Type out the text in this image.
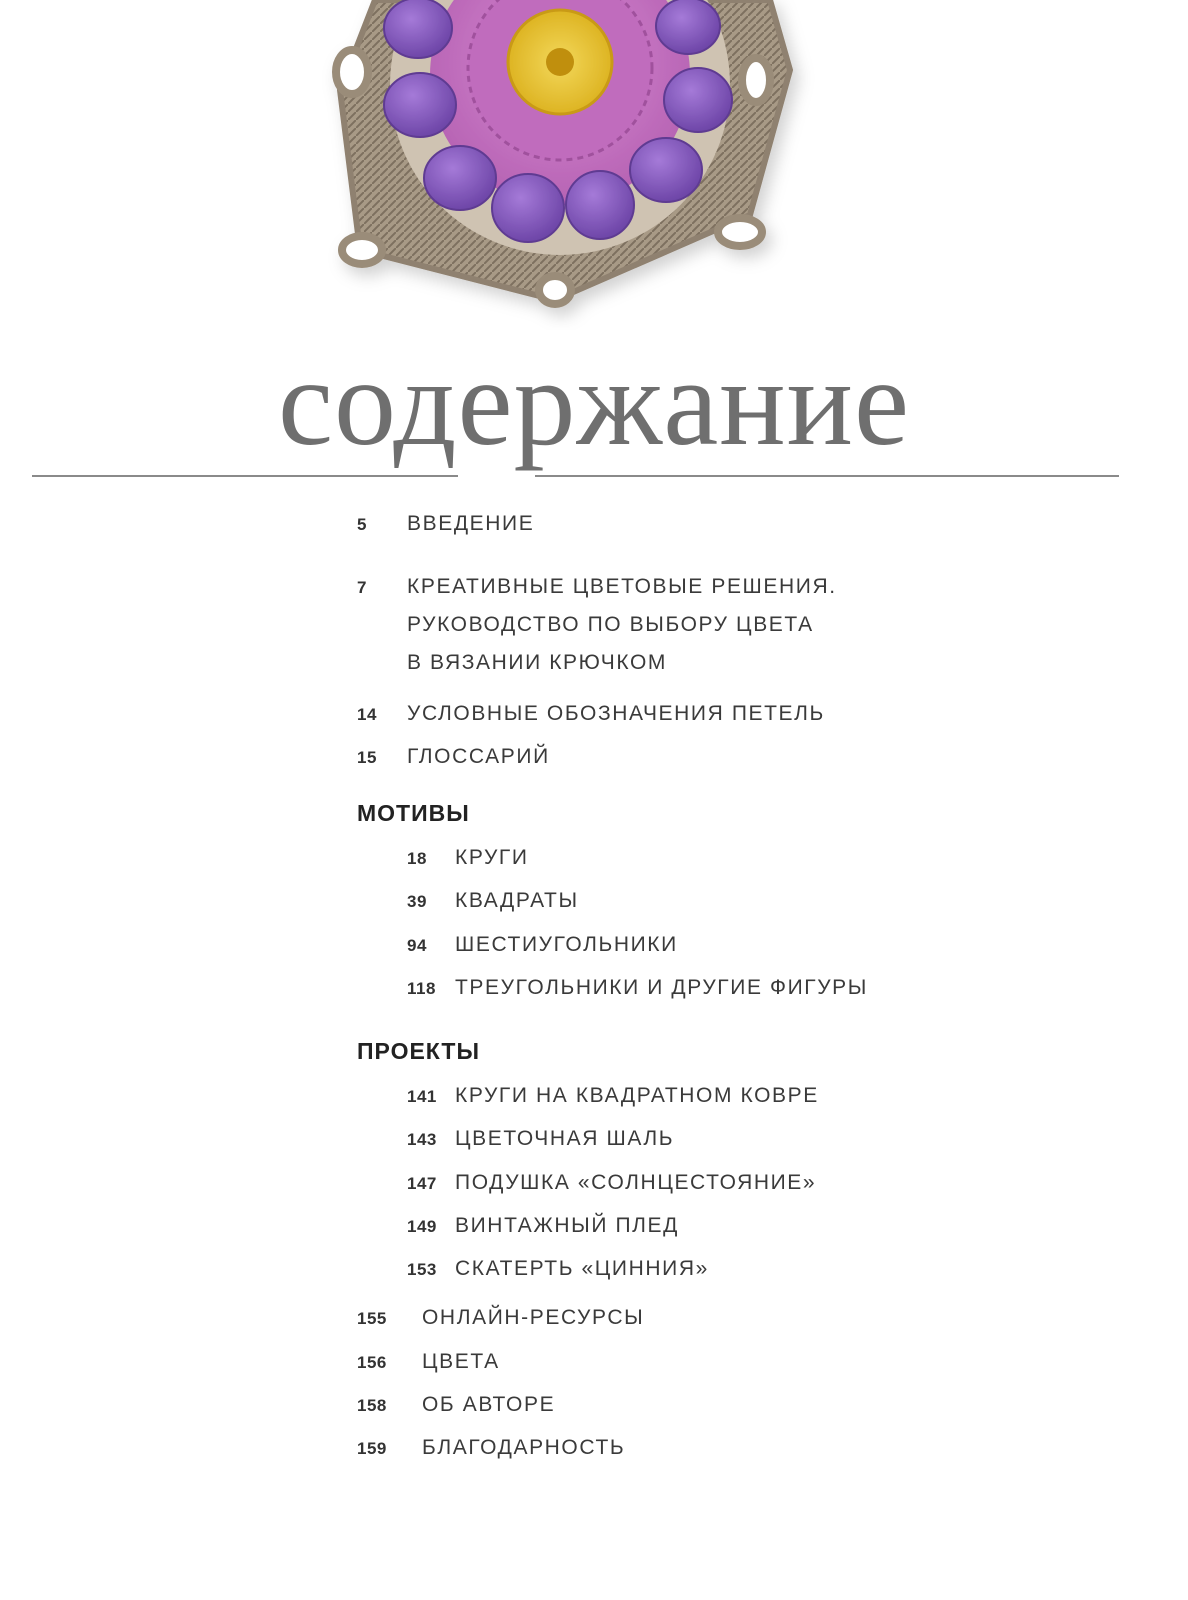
содержание
5	ВВЕДЕНИЕ
7	КРЕАТИВНЫЕ ЦВЕТОВЫЕ РЕШЕНИЯ.
РУКОВОДСТВО ПО ВЫБОРУ ЦВЕТА
В ВЯЗАНИИ КРЮЧКОМ
14	УСЛОВНЫЕ ОБОЗНАЧЕНИЯ ПЕТЕЛЬ
15	ГЛОССАРИЙ
МОТИВЫ
18	КРУГИ
39	КВАДРАТЫ
94	ШЕСТИУГОЛЬНИКИ
118 ТРЕУГОЛЬНИКИ И ДРУГИЕ ФИГУРЫ
ПРОЕКТЫ
141 КРУГИ НА КВАДРАТНОМ КОВРЕ
143 ЦВЕТОЧНАЯ ШАЛЬ
147 ПОДУШКА «СОЛНЦЕСТОЯНИЕ»
149 ВИНТАЖНЫЙ ПЛЕД
153 СКАТЕРТЬ «ЦИННИЯ»
155	ОНЛАЙН-РЕСУРСЫ
156	ЦВЕТА
158	ОБ АВТОРЕ
159	БЛАГОДАРНОСТЬ
